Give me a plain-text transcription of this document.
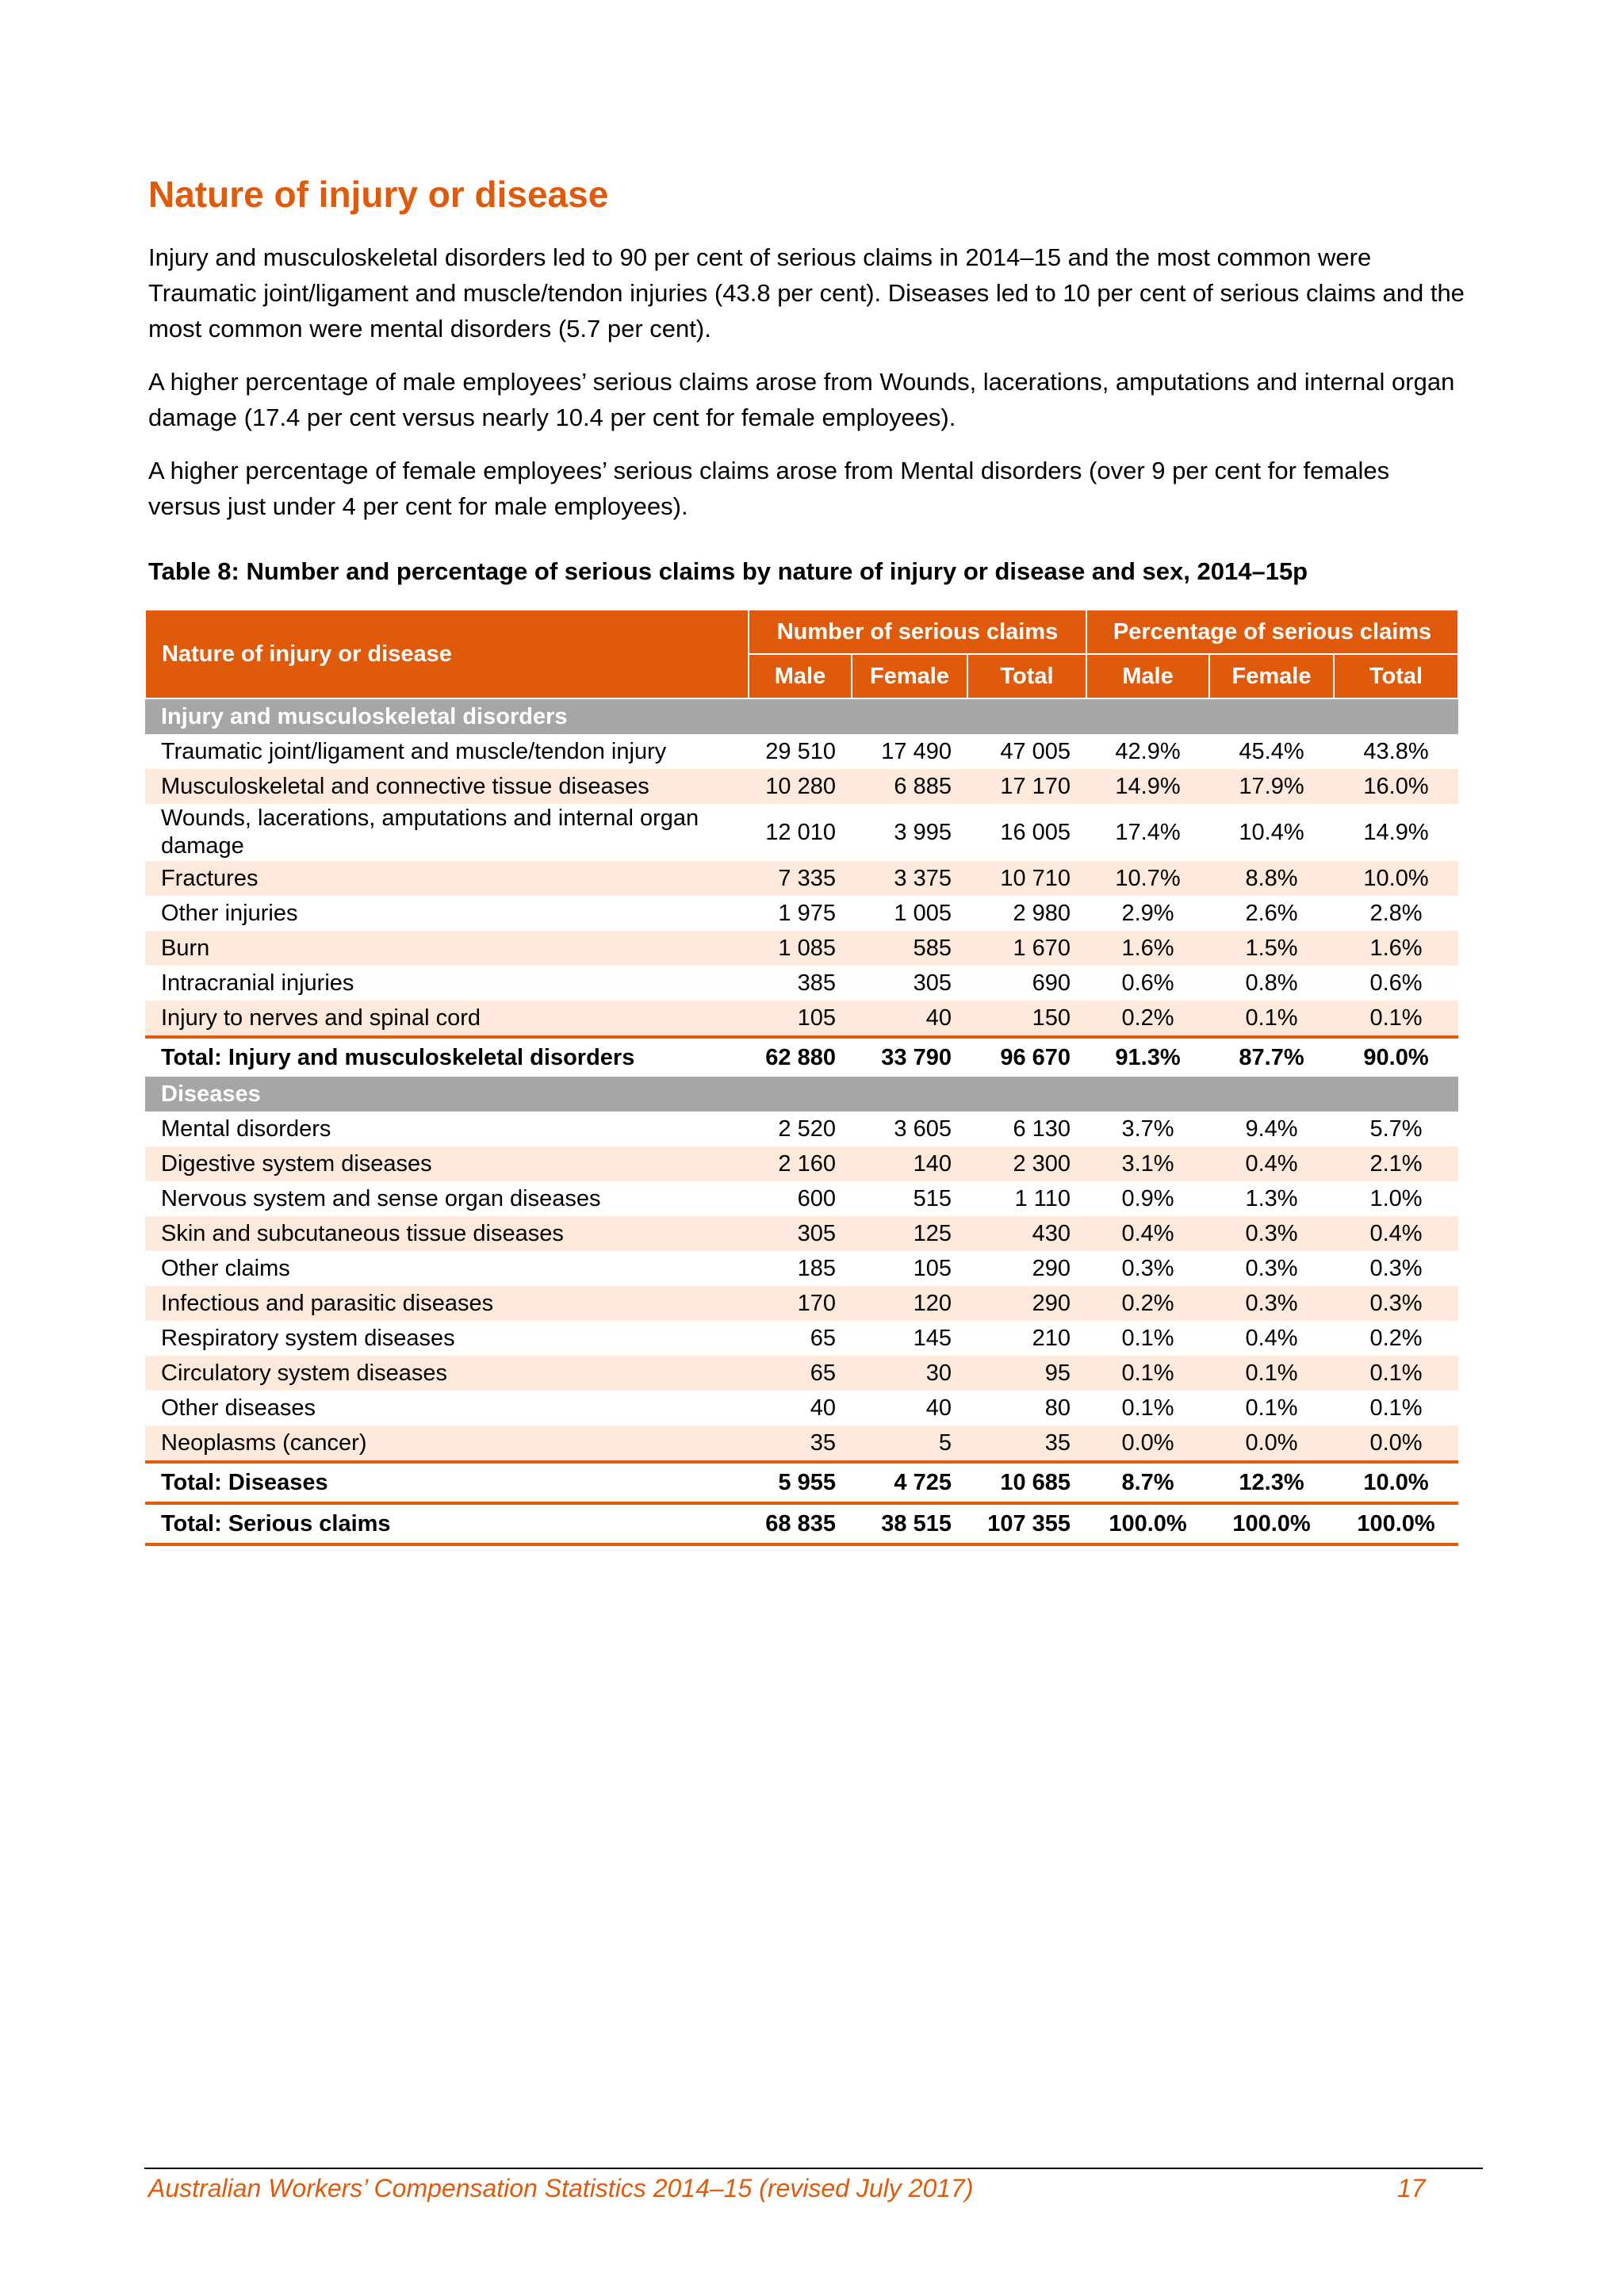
Nature of injury or disease

Injury and musculoskeletal disorders led to 90 per cent of serious claims in 2014–15 and the most common were Traumatic joint/ligament and muscle/tendon injuries (43.8 per cent). Diseases led to 10 per cent of serious claims and the most common were mental disorders (5.7 per cent).

A higher percentage of male employees’ serious claims arose from Wounds, lacerations, amputations and internal organ damage (17.4 per cent versus nearly 10.4 per cent for female employees).

A higher percentage of female employees’ serious claims arose from Mental disorders (over 9 per cent for females versus just under 4 per cent for male employees).

Table 8: Number and percentage of serious claims by nature of injury or disease and sex, 2014–15p

Nature of injury or disease	Number of serious claims			Percentage of serious claims		
	Male	Female	Total	Male	Female	Total
Injury and musculoskeletal disorders						
Traumatic joint/ligament and muscle/tendon injury	29 510	17 490	47 005	42.9%	45.4%	43.8%
Musculoskeletal and connective tissue diseases	10 280	6 885	17 170	14.9%	17.9%	16.0%
Wounds, lacerations, amputations and internal organ damage	12 010	3 995	16 005	17.4%	10.4%	14.9%
Fractures	7 335	3 375	10 710	10.7%	8.8%	10.0%
Other injuries	1 975	1 005	2 980	2.9%	2.6%	2.8%
Burn	1 085	585	1 670	1.6%	1.5%	1.6%
Intracranial injuries	385	305	690	0.6%	0.8%	0.6%
Injury to nerves and spinal cord	105	40	150	0.2%	0.1%	0.1%
Total: Injury and musculoskeletal disorders	62 880	33 790	96 670	91.3%	87.7%	90.0%
Diseases						
Mental disorders	2 520	3 605	6 130	3.7%	9.4%	5.7%
Digestive system diseases	2 160	140	2 300	3.1%	0.4%	2.1%
Nervous system and sense organ diseases	600	515	1 110	0.9%	1.3%	1.0%
Skin and subcutaneous tissue diseases	305	125	430	0.4%	0.3%	0.4%
Other claims	185	105	290	0.3%	0.3%	0.3%
Infectious and parasitic diseases	170	120	290	0.2%	0.3%	0.3%
Respiratory system diseases	65	145	210	0.1%	0.4%	0.2%
Circulatory system diseases	65	30	95	0.1%	0.1%	0.1%
Other diseases	40	40	80	0.1%	0.1%	0.1%
Neoplasms (cancer)	35	5	35	0.0%	0.0%	0.0%
Total: Diseases	5 955	4 725	10 685	8.7%	12.3%	10.0%
Total: Serious claims	68 835	38 515	107 355	100.0%	100.0%	100.0%

Australian Workers’ Compensation Statistics 2014–15 (revised July 2017)	17
